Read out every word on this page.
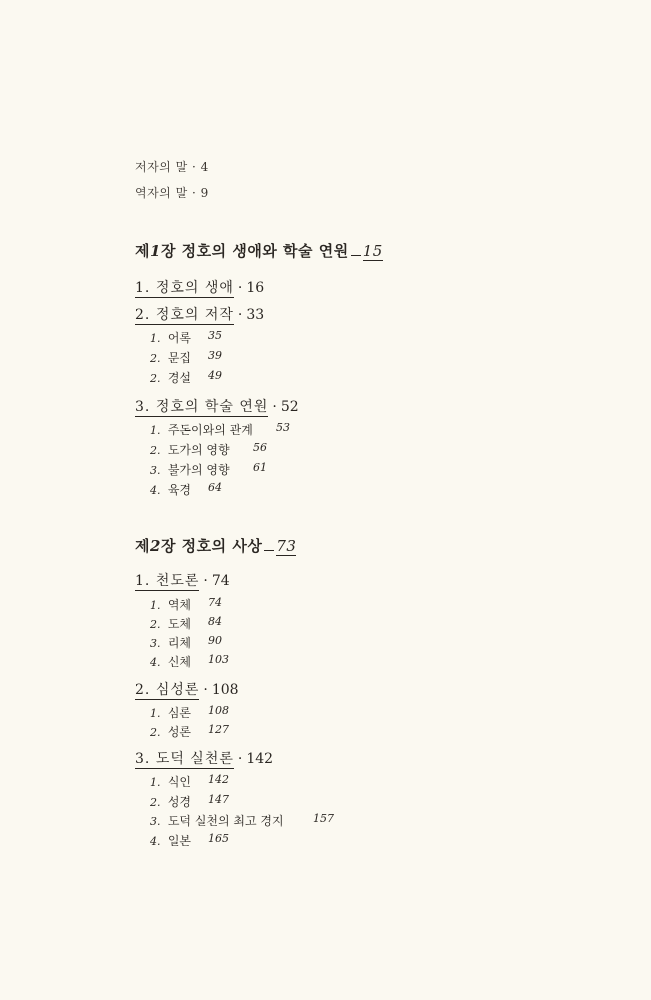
저자의 말 · 4
역자의 말 · 9
제1장 정호의 생애와 학술 연원 15
1. 정호의 생애 · 16
2. 정호의 저작 · 33
1. 어록 35
2. 문집 39
2. 경설 49
3. 정호의 학술 연원 · 52
1. 주돈이와의 관계 53
2. 도가의 영향 56
3. 불가의 영향 61
4. 육경 64
제2장 정호의 사상 73
1. 천도론 · 74
1. 역체 74
2. 도체 84
3. 리체 90
4. 신체 103
2. 심성론 · 108
1. 심론 108
2. 성론 127
3. 도덕 실천론 · 142
1. 식인 142
2. 성경 147
3. 도덕 실천의 최고 경지	157
4. 일본 165
